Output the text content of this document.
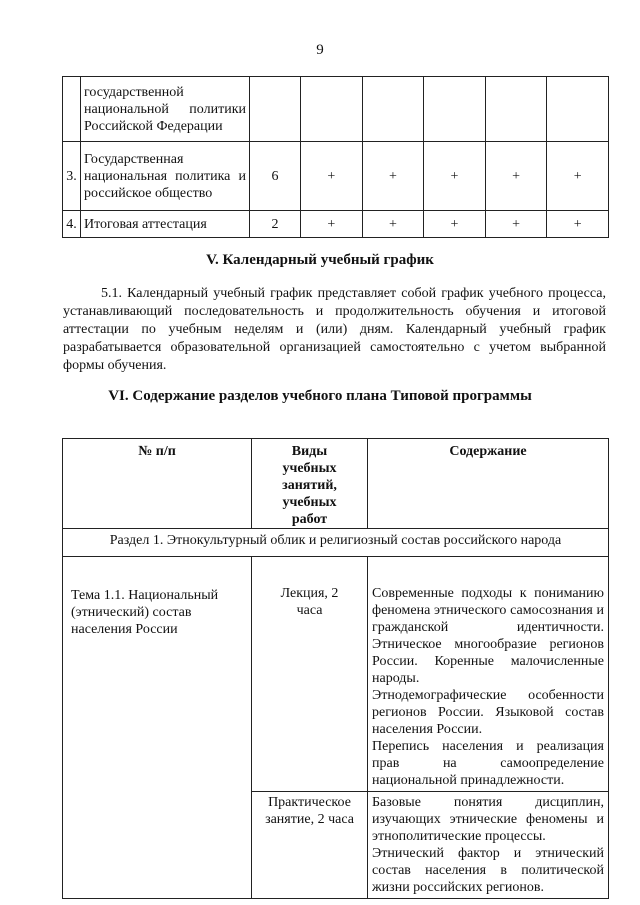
9
	государственной национальной политики Российской Федерации						
3.	Государственная национальная политика и российское общество	6	+	+	+	+	+
4.	Итоговая аттестация	2	+	+	+	+	+
V. Календарный учебный график
5.1. Календарный учебный график представляет собой график учебного процесса, устанавливающий последовательность и продолжительность обучения и итоговой аттестации по учебным неделям и (или) дням. Календарный учебный график разрабатывается образовательной организацией самостоятельно с учетом выбранной формы обучения.
VI. Содержание разделов учебного плана Типовой программы
№ п/п	Виды учебных занятий, учебных работ	Содержание
Раздел 1. Этнокультурный облик и религиозный состав российского народа		

Тема 1.1. Национальный (этнический) состав населения России	Лекция, 2 часа	Современные подходы к пониманию феномена этнического самосознания и гражданской идентичности. Этническое многообразие регионов России. Коренные малочисленные народы.

Этнодемографические особенности регионов России. Языковой состав населения России.

Перепись населения и реализация прав на самоопределение национальной принадлежности.

	Практическое занятие, 2 часа	Базовые понятия дисциплин, изучающих этнические феномены и этнополитические процессы.

Этнический фактор и этнический состав населения в политической жизни российских регионов.
